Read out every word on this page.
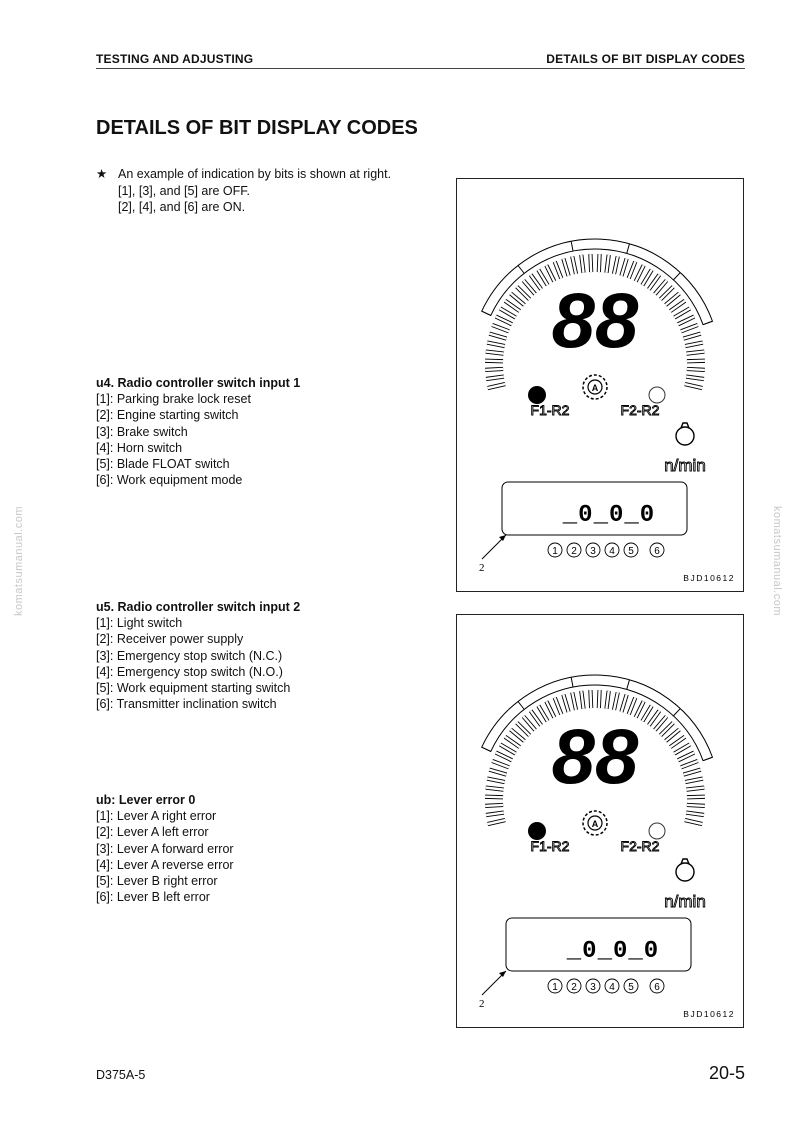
TESTING AND ADJUSTING	DETAILS OF BIT DISPLAY CODES
DETAILS OF BIT DISPLAY CODES
★ An example of indication by bits is shown at right.
[1], [3], and [5] are OFF.
[2], [4], and [6] are ON.
u4. Radio controller switch input 1
[1]: Parking brake lock reset
[2]: Engine starting switch
[3]: Brake switch
[4]: Horn switch
[5]: Blade FLOAT switch
[6]: Work equipment mode
u5. Radio controller switch input 2
[1]: Light switch
[2]: Receiver power supply
[3]: Emergency stop switch (N.C.)
[4]: Emergency stop switch (N.O.)
[5]: Work equipment starting switch
[6]: Transmitter inclination switch
ub: Lever error 0
[1]: Lever A right error
[2]: Lever A left error
[3]: Lever A forward error
[4]: Lever A reverse error
[5]: Lever B right error
[6]: Lever B left error
komatsumanual.com	komatsumanual.com
88
A
F1-R2	F2-R2
n/min
_0_0_0
1 2 3 4 5 6
2
BJD10612
88
A
F1-R2	F2-R2
n/min
_0_0_0
1 2 3 4 5 6
2
BJD10612
D375A-5	20-5
